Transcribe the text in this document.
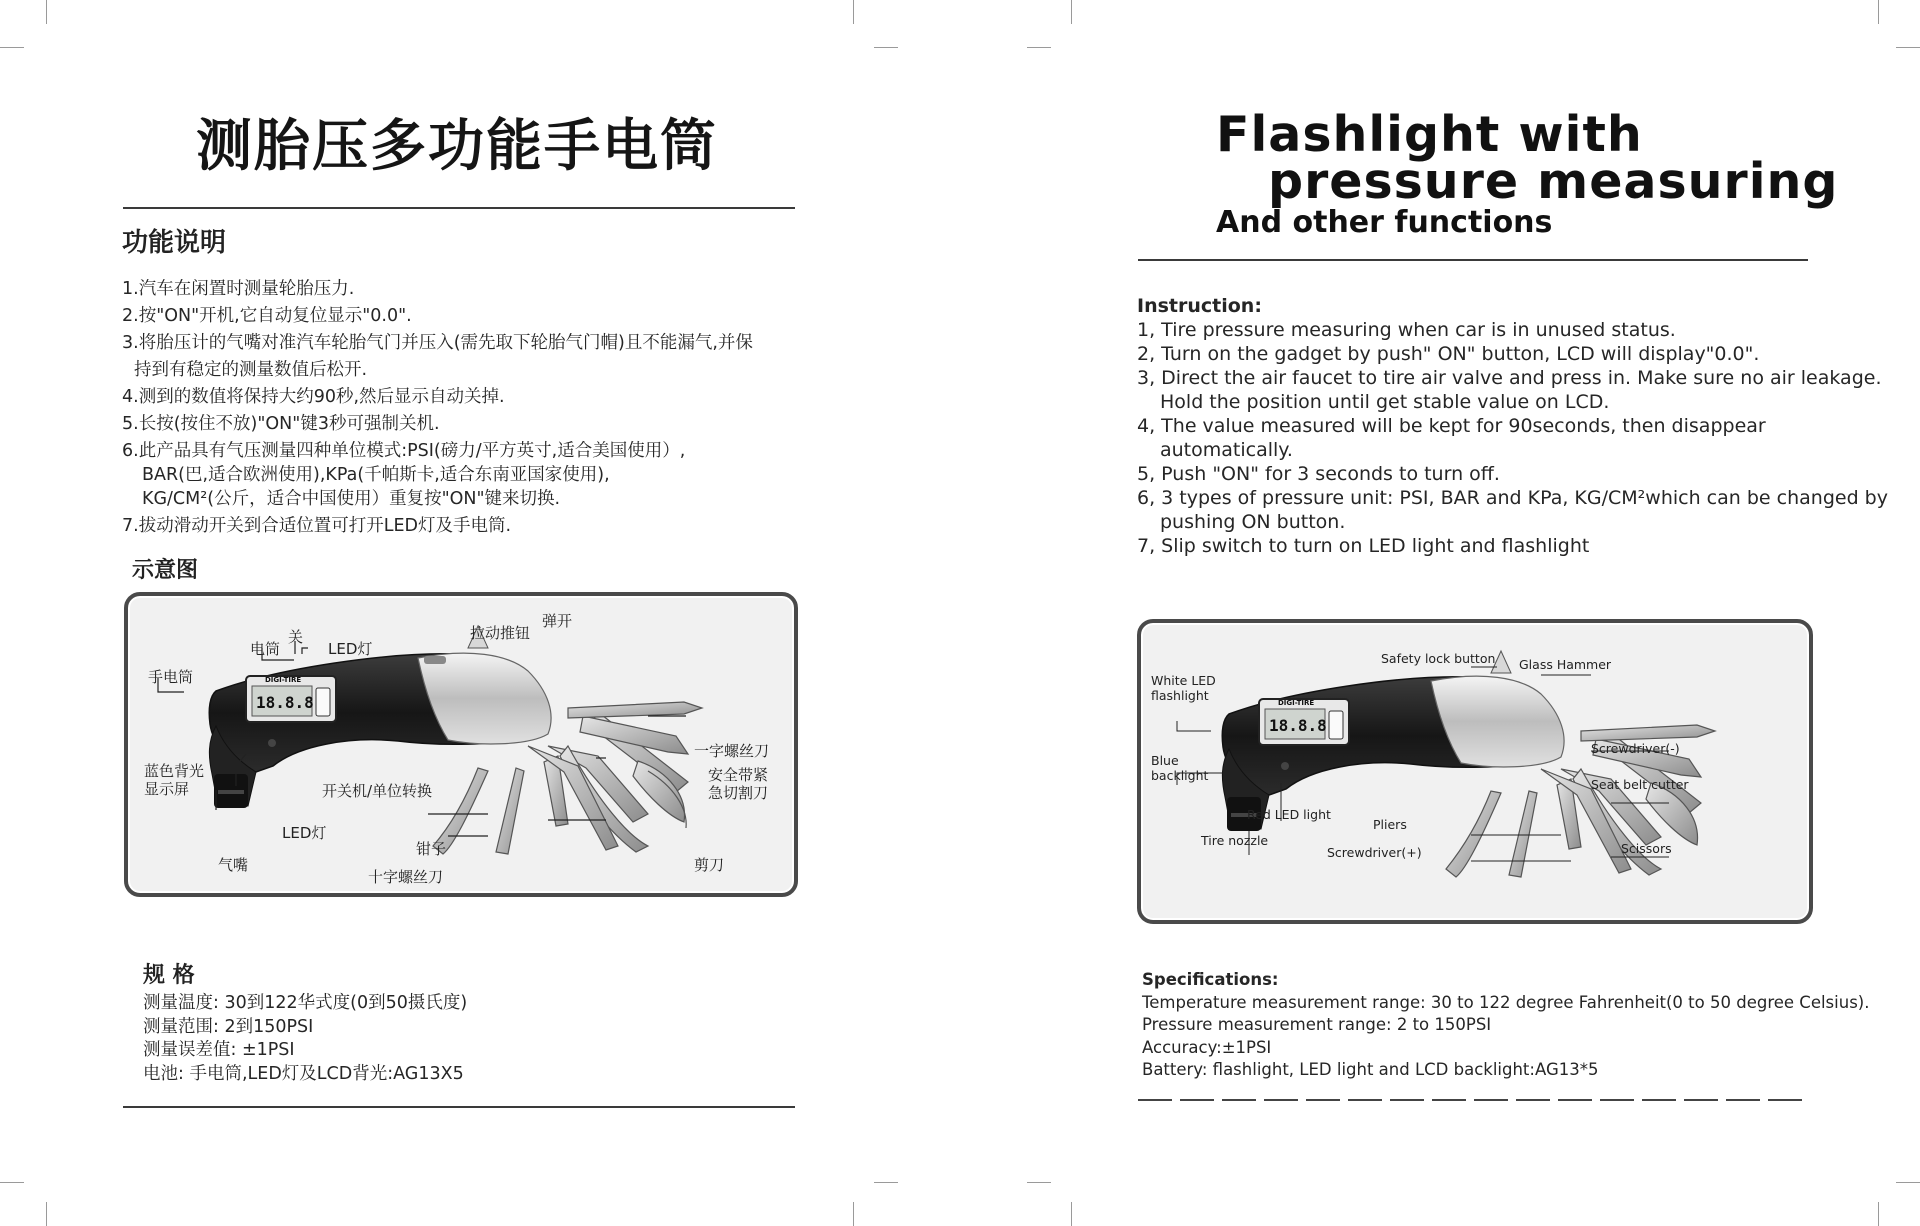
测胎压多功能手电筒
功能说明
1.汽车在闲置时测量轮胎压力.
2.按"ON"开机,它自动复位显示"0.0".
3.将胎压计的气嘴对准汽车轮胎气门并压入(需先取下轮胎气门帽)且不能漏气,并保
持到有稳定的测量数值后松开.
4.测到的数值将保持大约90秒,然后显示自动关掉.
5.长按(按住不放)"ON"键3秒可强制关机.
6.此产品具有气压测量四种单位模式:PSI(磅力/平方英寸,适合美国使用）,
BAR(巴,适合欧洲使用),KPa(千帕斯卡,适合东南亚国家使用),
KG/CM²(公斤，适合中国使用）重复按"ON"键来切换.
7.拔动滑动开关到合适位置可打开LED灯及手电筒.
示意图
18.8.8
DIGI-TIRE
手电筒
电筒
关
LED灯
拉动推钮
弹开
蓝色背光
显示屏	开关机/单位转换
LED灯
气嘴
钳子
十字螺丝刀
一字螺丝刀
安全带紧
急切割刀
剪刀
规 格
测量温度: 30到122华式度(0到50摄氏度)
测量范围: 2到150PSI
测量误差值: ±1PSI
电池: 手电筒,LED灯及LCD背光:AG13X5
Flashlight with
pressure measuring
And other functions
Instruction:
1, Tire pressure measuring when car is in unused status.
2, Turn on the gadget by push" ON" button, LCD will display"0.0".
3, Direct the air faucet to tire air valve and press in. Make sure no air leakage.
Hold the position until get stable value on LCD.
4, The value measured will be kept for 90seconds, then disappear
automatically.
5, Push "ON" for 3 seconds to turn off.
6, 3 types of pressure unit: PSI, BAR and KPa, KG/CM²which can be changed by
pushing ON button.
7, Slip switch to turn on LED light and flashlight
18.8.8
DIGI-TIRE
White LED
flashlight
Safety lock button Glass Hammer
Blue
backlight
Red LED light
Tire nozzle
Pliers
Screwdriver(+)
Screwdriver(-)
Seat belt cutter
Scissors
Specifications:
Temperature measurement range: 30 to 122 degree Fahrenheit(0 to 50 degree Celsius).
Pressure measurement range: 2 to 150PSI
Accuracy:±1PSI
Battery: flashlight, LED light and LCD backlight:AG13*5
